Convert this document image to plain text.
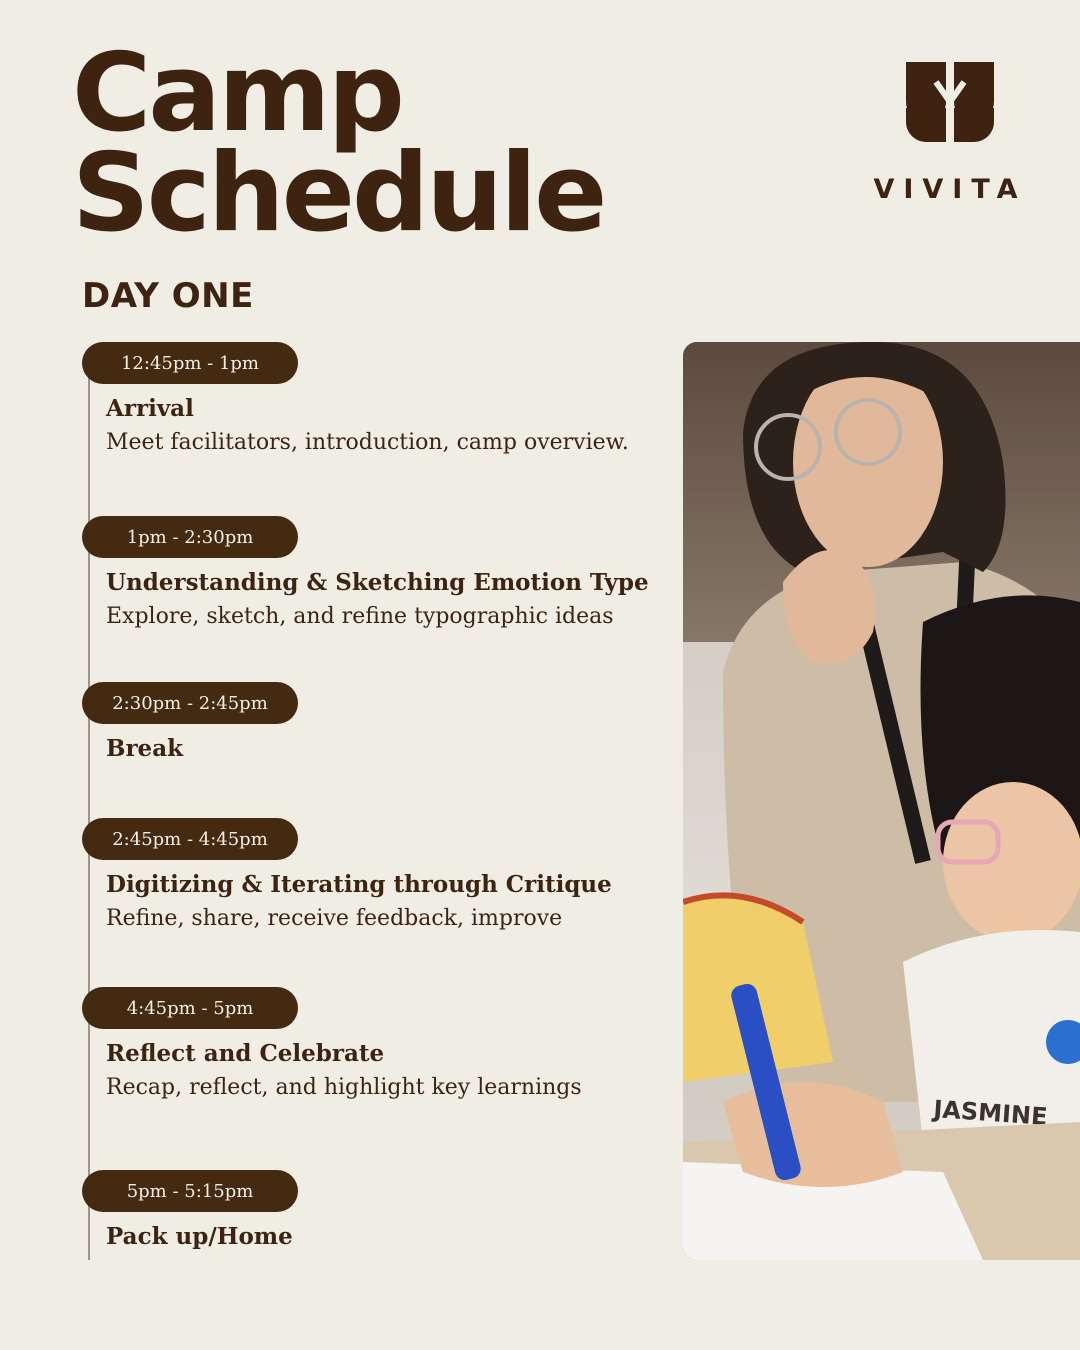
Camp
Schedule
DAY ONE
VIVITA
12:45pm - 1pm
Arrival
Meet facilitators, introduction, camp overview.
1pm - 2:30pm
Understanding & Sketching Emotion Type
Explore, sketch, and refine typographic ideas
2:30pm - 2:45pm
Break
2:45pm - 4:45pm
Digitizing & Iterating through Critique
Refine, share, receive feedback, improve
4:45pm - 5pm
Reflect and Celebrate
Recap, reflect, and highlight key learnings
5pm - 5:15pm
Pack up/Home
JASMINE
